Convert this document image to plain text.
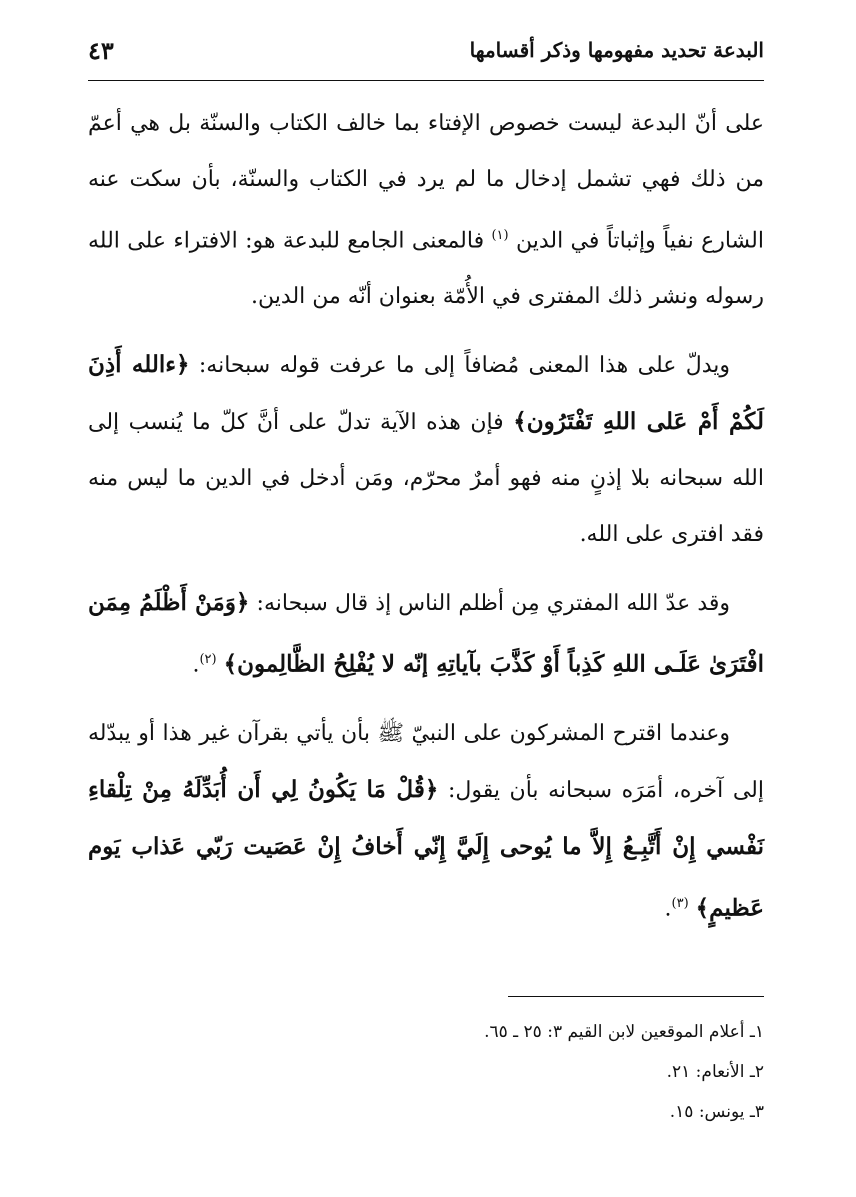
البدعة تحديد مفهومها وذكر أقسامها
٤٣

على أنّ البدعة ليست خصوص الإفتاء بما خالف الكتاب والسنّة بل هي أعمّ من ذلك فهي تشمل إدخال ما لم يرد في الكتاب والسنّة، بأن سكت عنه الشارع نفياً وإثباتاً في الدين $^{(١)}$ فالمعنى الجامع للبدعة هو: الافتراء على الله رسوله ونشر ذلك المفترى في الأُمّة بعنوان أنّه من الدين.

ويدلّ على هذا المعنى مُضافاً إلى ما عرفت قوله سبحانه: ﴿ءالله أَذِنَ لَكُمْ أَمْ عَلى اللهِ تَفْتَرُون﴾ فإن هذه الآية تدلّ على أنَّ كلّ ما يُنسب إلى الله سبحانه بلا إذنٍ منه فهو أمرٌ محرّم، ومَن أدخل في الدين ما ليس منه فقد افترى على الله.

وقد عدّ الله المفتري مِن أظلم الناس إذ قال سبحانه: ﴿وَمَنْ أَظْلَمُ مِمَن افْتَرَىٰ عَلَـى اللهِ كَذِباً أَوْ كَذَّبَ بآياتِهِ إنّه لا يُفْلِحُ الظَّالِمون﴾ $^{(٢)}$.

وعندما اقترح المشركون على النبيّ ﷺ بأن يأتي بقرآن غير هذا أو يبدّله إلى آخره، أمَرَه سبحانه بأن يقول: ﴿قُلْ مَا يَكُونُ لِي أَن أُبَدِّلَهُ مِنْ تِلْقاءِ نَفْسي إِنْ أَتَّبِـعُ إِلاَّ ما يُوحى إِلَيَّ إِنّي أَخافُ إِنْ عَصَيت رَبّي عَذاب يَوم عَظيمٍ﴾ $^{(٣)}$.

١ـ أعلام الموقعين لابن القيم ٣: ٢٥ ـ ٦٥.

٢ـ الأنعام: ٢١.

٣ـ يونس: ١٥.
